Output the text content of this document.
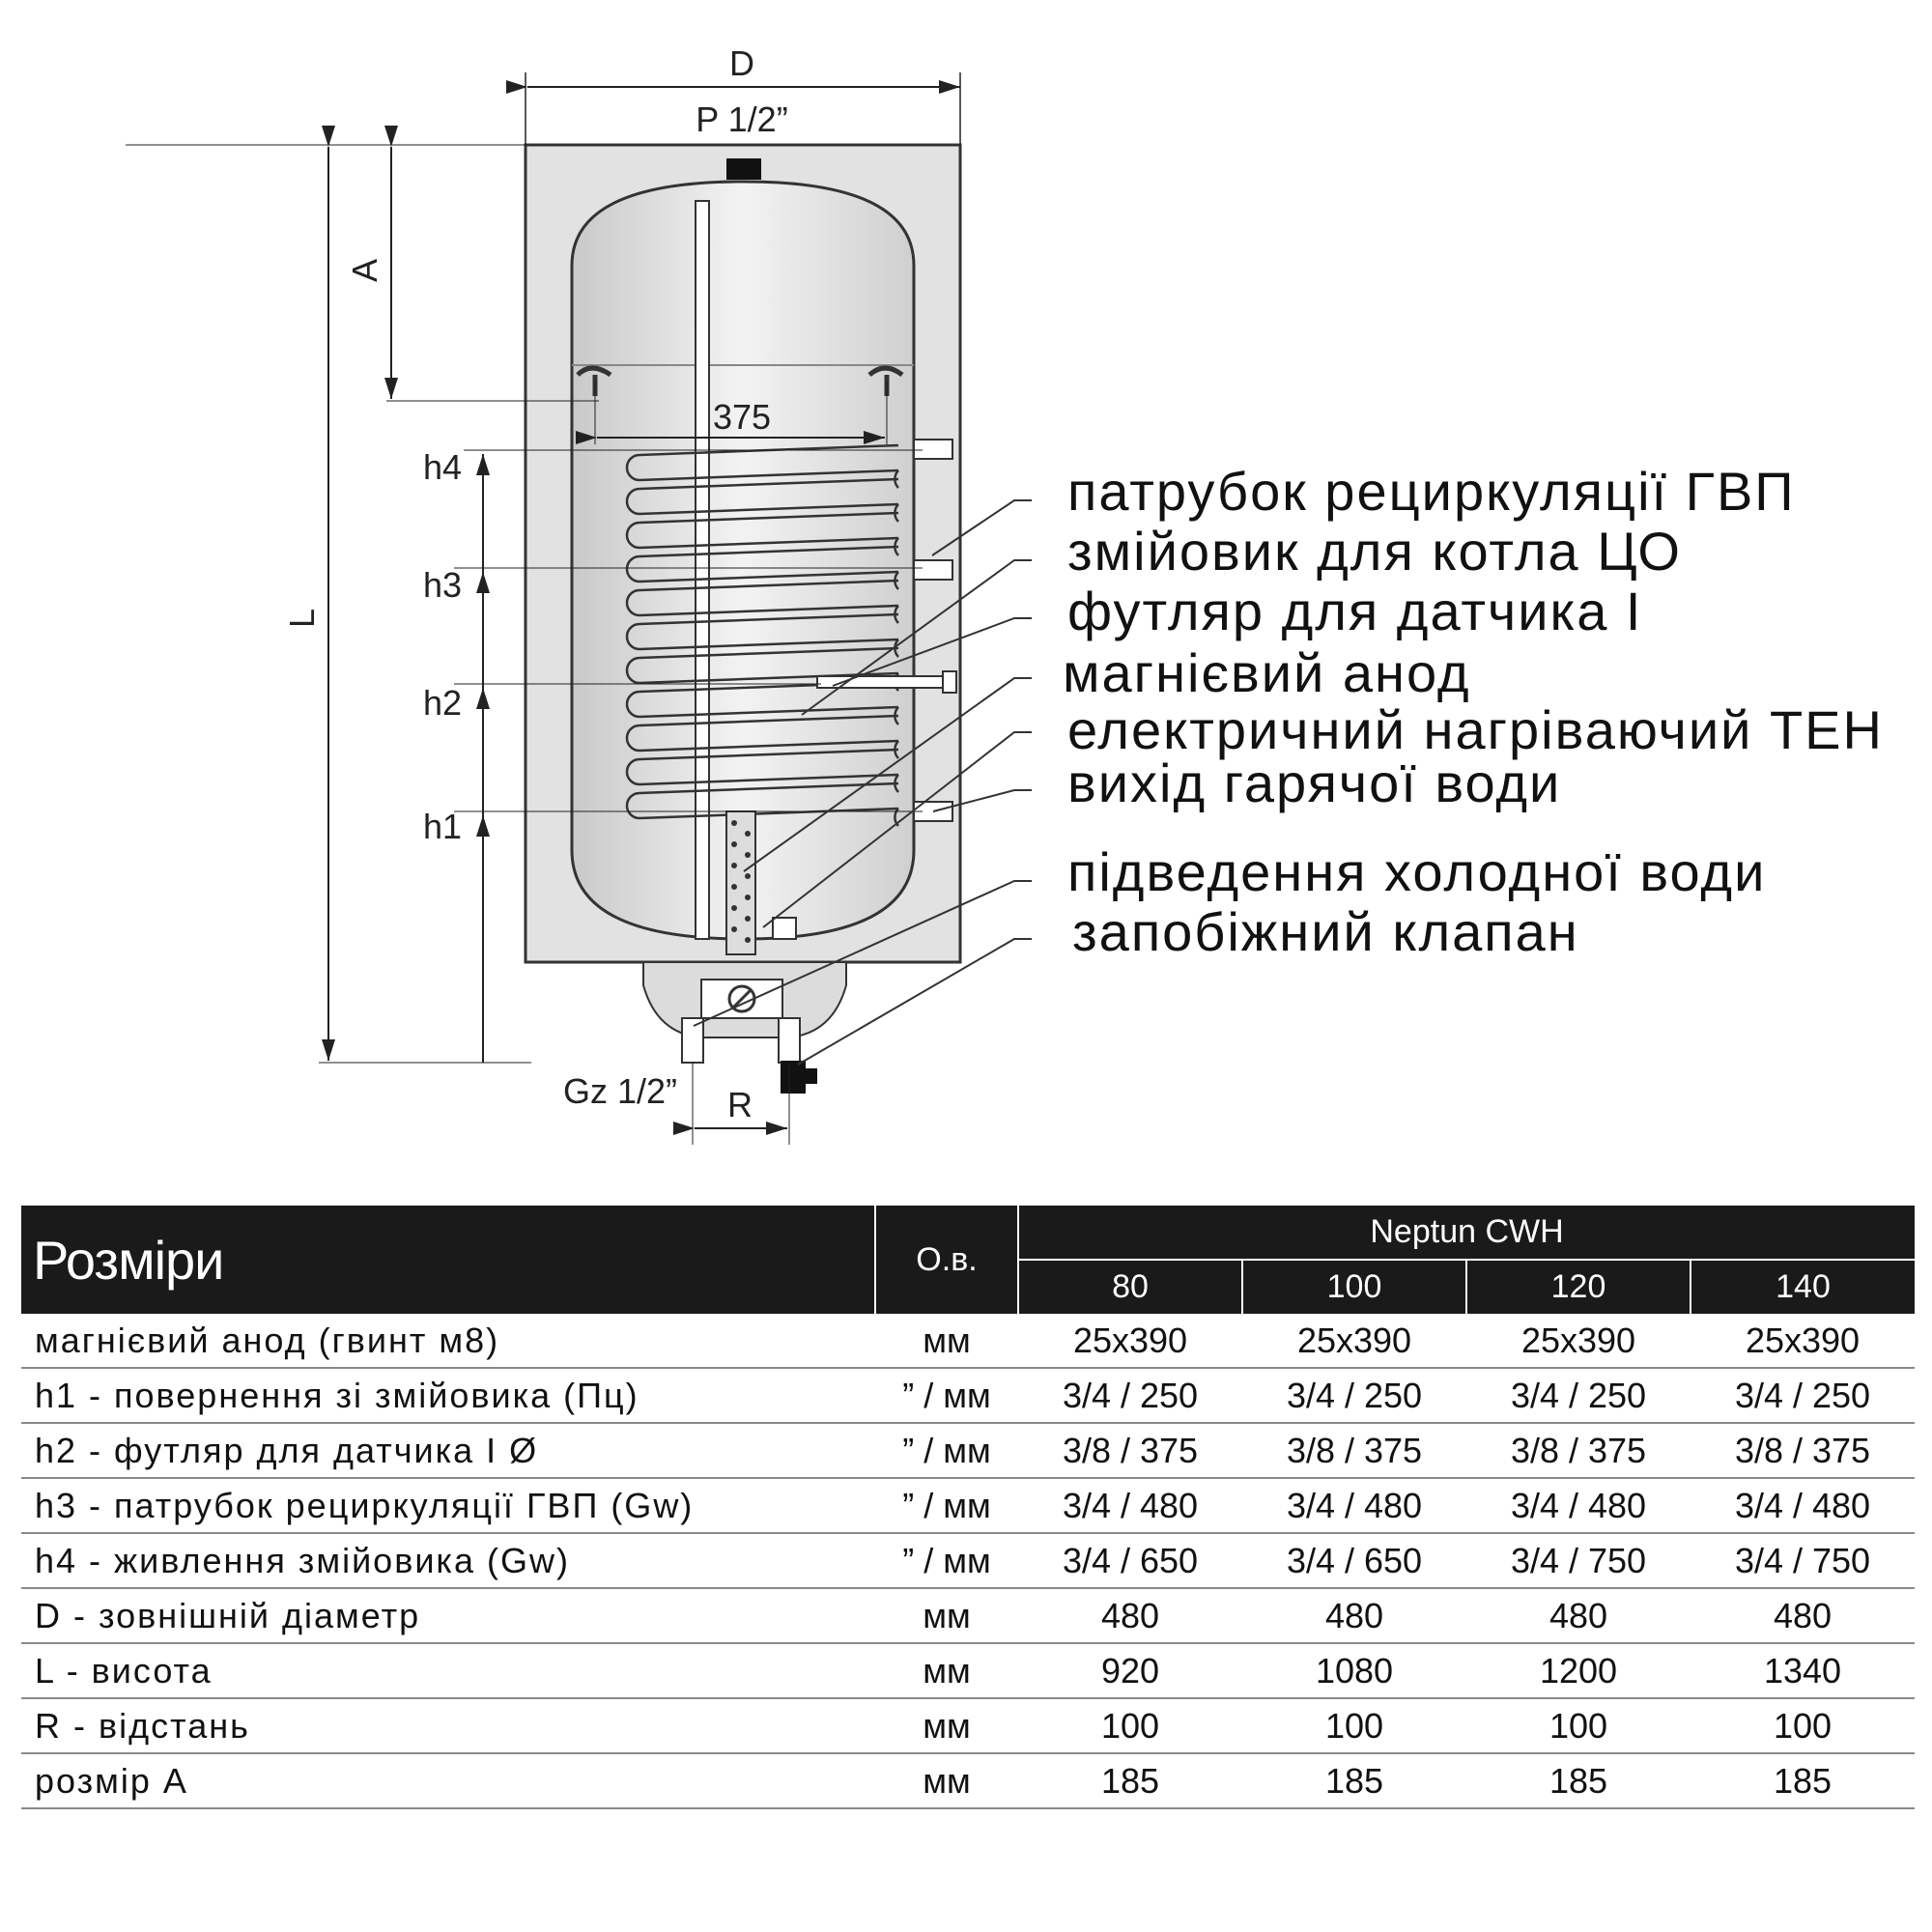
D
P 1/2”
L
A
375
h4
h3
h2
h1
Gz 1/2” R
патрубок рециркуляції ГВП
змійовик для котла ЦО
футляр для датчика I
магнієвий анод
електричний нагріваючий ТЕН
вихід гарячої води
підведення холодної води
запобіжний клапан
Розміри	O.в.	Neptun CWH			
		80	100	120	140
магнієвий анод (гвинт м8)	мм	25x390	25x390	25x390	25x390
h1 - повернення зі змійовика (Пц)	” / мм	3/4 / 250	3/4 / 250	3/4 / 250	3/4 / 250
h2 - футляр для датчика I Ø	” / мм	3/8 / 375	3/8 / 375	3/8 / 375	3/8 / 375
h3 - патрубок рециркуляції ГВП (Gw)	” / мм	3/4 / 480	3/4 / 480	3/4 / 480	3/4 / 480
h4 - живлення змійовика (Gw)	” / мм	3/4 / 650	3/4 / 650	3/4 / 750	3/4 / 750
D - зовнішній діаметр	мм	480	480	480	480
L - висота	мм	920	1080	1200	1340
R - відстань	мм	100	100	100	100
розмір A	мм	185	185	185	185
